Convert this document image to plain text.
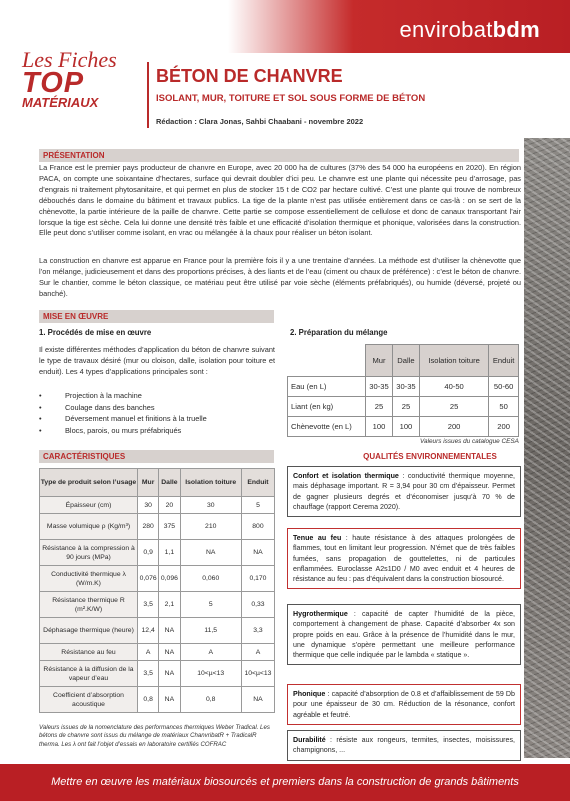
envirobatbdm
Les Fiches
TOP
MATÉRIAUX
BÉTON DE CHANVRE
ISOLANT, MUR, TOITURE ET SOL SOUS FORME DE BÉTON
Rédaction : Clara Jonas, Sahbi Chaabani - novembre 2022
PRÉSENTATION
La France est le premier pays producteur de chanvre en Europe, avec 20 000 ha de cultures (37% des 54 000 ha européens en 2020). En région PACA, on compte une soixantaine d’hectares, surface qui devrait doubler d’ici peu. Le chanvre est une plante qui nécessite peu d’arrosage, pas d’engrais ni traitement phytosanitaire, et qui permet en plus de stocker 15 t de CO2 par hectare cultivé. C’est une plante qui trouve de nombreux débouchés dans le domaine du bâtiment et travaux publics. La tige de la plante n’est pas utilisée entièrement dans ce cas-là : on se sert de la chènevotte, la partie intérieure de la paille de chanvre. Cette partie se compose essentiellement de cellulose et donc de canaux transportant l’air lorsque la tige est sèche. Cela lui donne une densité très faible et une efficacité d’isolation thermique et phonique, valorisées dans la construction. Elle peut donc s’utiliser comme isolant, en vrac ou mélangée à la chaux pour réaliser un béton isolant.
La construction en chanvre est apparue en France pour la première fois il y a une trentaine d’années. La méthode est d’utiliser la chènevotte que l’on mélange, judicieusement et dans des proportions précises, à des liants et de l’eau (ciment ou chaux de préférence) : c’est le béton de chanvre. Sur le chantier, comme le béton classique, ce matériau peut être utilisé par voie sèche (éléments préfabriqués), ou humide (déversé, projeté ou banché).
MISE EN ŒUVRE
1. Procédés de mise en œuvre
Il existe différentes méthodes d’application du béton de chanvre suivant le type de travaux désiré (mur ou cloison, dalle, isolation pour toiture et enduit). Les 4 types d’applications principales sont :
• Projection à la machine
• Coulage dans des banches
• Déversement manuel et finitions à la truelle
• Blocs, parois, ou murs préfabriqués
2. Préparation du mélange
	Mur	Dalle	Isolation toiture	Enduit
Eau (en L)	30-35	30-35	40-50	50-60
Liant (en kg)	25	25	25	50
Chènevotte (en L)	100	100	200	200
Valeurs issues du catalogue CESA
CARACTÉRISTIQUES
Type de produit selon l’usage	Mur	Dalle	Isolation toiture	Enduit
Épaisseur (cm)	30	20	30	5
Masse volumique ρ (Kg/m³)	280	375	210	800
Résistance à la compression à 90 jours (MPa)	0,9	1,1	NA	NA
Conductivité thermique λ (W/m.K)	0,076	0,096	0,060	0,170
Résistance thermique R (m².K/W)	3,5	2,1	5	0,33
Déphasage thermique (heure)	12,4	NA	11,5	3,3
Résistance au feu	A	NA	A	A
Résistance à la diffusion de la vapeur d’eau	3,5	NA	10<µ<13	10<µ<13
Coefficient d’absorption acoustique	0,8	NA	0,8	NA
Valeurs issues de la nomenclature des performances thermiques Weber Tradical. Les bétons de chanvre sont issus du mélange de matériaux ChanvribatR + TradicalR therma. Les λ ont fait l’objet d’essais en laboratoire certifiés COFRAC
QUALITÉS ENVIRONNEMENTALES
Confort et isolation thermique : conductivité thermique moyenne, mais déphasage important. R = 3,94 pour 30 cm d’épaisseur. Permet de gagner plusieurs degrés et d’économiser jusqu’à 70 % de chauffage (rapport Cerema 2020).
Tenue au feu : haute résistance à des attaques prolongées de flammes, tout en limitant leur progression. N’émet que de très faibles fumées, sans propagation de gouttelettes, ni de particules enflammées. Euroclasse A2s1D0 / M0 avec enduit et 4 heures de résistance au feu : pas d’équivalent dans la construction biosourcé.
Hygrothermique : capacité de capter l’humidité de la pièce, comportement à changement de phase. Capacité d’absorber 4x son propre poids en eau. Grâce à la présence de l’humidité dans le mur, une dynamique s’opère permettant une meilleure performance thermique que celle indiquée par le lambda « statique ».
Phonique : capacité d’absorption de 0.8 et d’affaiblissement de 59 Db pour une épaisseur de 30 cm. Réduction de la résonance, confort agréable et feutré.
Durabilité : résiste aux rongeurs, termites, insectes, moisissures, champignons, ...
Mettre en œuvre les matériaux biosourcés et premiers dans la construction de grands bâtiments
